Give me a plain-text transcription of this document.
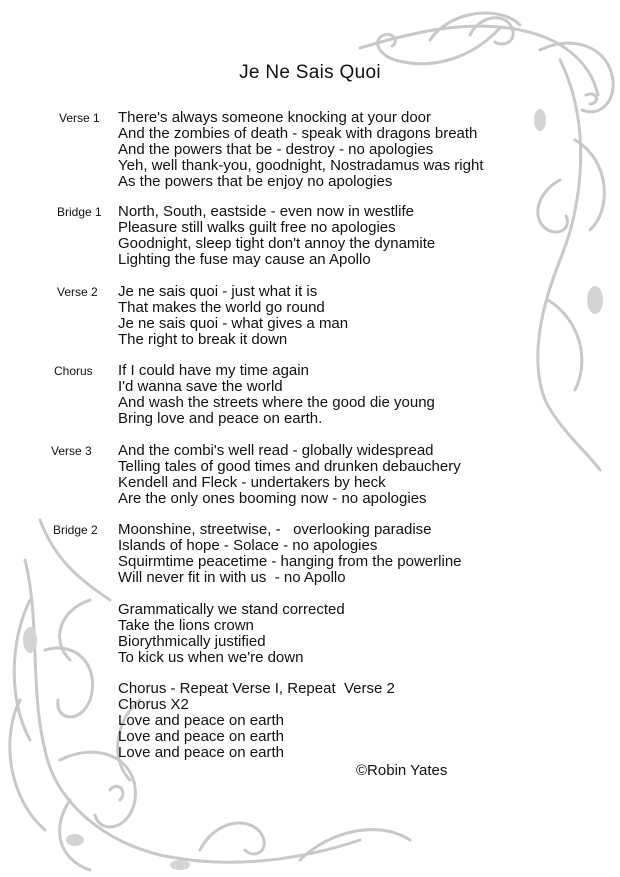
Je Ne Sais Quoi
Verse 1 There's always someone knocking at your door
And the zombies of death - speak with dragons breath
And the powers that be - destroy - no apologies
Yeh, well thank-you, goodnight, Nostradamus was right
As the powers that be enjoy no apologies
Bridge 1 North, South, eastside - even now in westlife
Pleasure still walks guilt free no apologies
Goodnight, sleep tight don't annoy the dynamite
Lighting the fuse may cause an Apollo
Verse 2 Je ne sais quoi - just what it is
That makes the world go round
Je ne sais quoi - what gives a man
The right to break it down
Chorus If I could have my time again
I'd wanna save the world
And wash the streets where the good die young
Bring love and peace on earth.
Verse 3 And the combi's well read - globally widespread
Telling tales of good times and drunken debauchery
Kendell and Fleck - undertakers by heck
Are the only ones booming now - no apologies
Bridge 2 Moonshine, streetwise, -   overlooking paradise
Islands of hope - Solace - no apologies
Squirmtime peacetime - hanging from the powerline
Will never fit in with us  - no Apollo
Grammatically we stand corrected
Take the lions crown
Biorythmically justified
To kick us when we're down
Chorus - Repeat Verse I, Repeat  Verse 2
Chorus X2
Love and peace on earth
Love and peace on earth
Love and peace on earth
©Robin Yates
